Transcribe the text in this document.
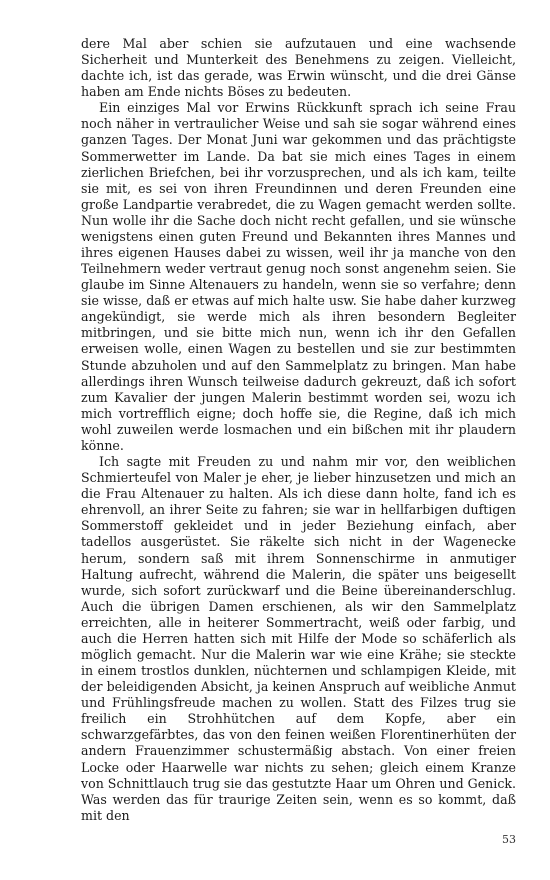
dere Mal aber schien sie aufzutauen und eine wachsende Sicherheit und Munterkeit des Benehmens zu zeigen. Vielleicht, dachte ich, ist das gerade, was Erwin wünscht, und die drei Gänse haben am Ende nichts Böses zu bedeuten.

Ein einziges Mal vor Erwins Rückkunft sprach ich seine Frau noch näher in vertraulicher Weise und sah sie sogar während eines ganzen Tages. Der Monat Juni war gekommen und das prächtigste Sommerwetter im Lande. Da bat sie mich eines Tages in einem zierlichen Briefchen, bei ihr vorzusprechen, und als ich kam, teilte sie mit, es sei von ihren Freundinnen und deren Freunden eine große Landpartie verabredet, die zu Wagen gemacht werden sollte. Nun wolle ihr die Sache doch nicht recht gefallen, und sie wünsche wenigstens einen guten Freund und Bekannten ihres Mannes und ihres eigenen Hauses dabei zu wissen, weil ihr ja manche von den Teilnehmern weder vertraut genug noch sonst angenehm seien. Sie glaube im Sinne Altenauers zu handeln, wenn sie so verfahre; denn sie wisse, daß er etwas auf mich halte usw. Sie habe daher kurzweg angekündigt, sie werde mich als ihren besondern Begleiter mitbringen, und sie bitte mich nun, wenn ich ihr den Gefallen erweisen wolle, einen Wagen zu bestellen und sie zur bestimmten Stunde abzuholen und auf den Sammelplatz zu bringen. Man habe allerdings ihren Wunsch teilweise dadurch gekreuzt, daß ich sofort zum Kavalier der jungen Malerin bestimmt worden sei, wozu ich mich vortrefflich eigne; doch hoffe sie, die Regine, daß ich mich wohl zuweilen werde losmachen und ein bißchen mit ihr plaudern könne.

Ich sagte mit Freuden zu und nahm mir vor, den weiblichen Schmierteufel von Maler je eher, je lieber hinzusetzen und mich an die Frau Altenauer zu halten. Als ich diese dann holte, fand ich es ehrenvoll, an ihrer Seite zu fahren; sie war in hellfarbigen duftigen Sommerstoff gekleidet und in jeder Beziehung einfach, aber tadellos ausgerüstet. Sie räkelte sich nicht in der Wagenecke herum, sondern saß mit ihrem Sonnenschirme in anmutiger Haltung aufrecht, während die Malerin, die später uns beigesellt wurde, sich sofort zurückwarf und die Beine übereinanderschlug. Auch die übrigen Damen erschienen, als wir den Sammelplatz erreichten, alle in heiterer Sommertracht, weiß oder farbig, und auch die Herren hatten sich mit Hilfe der Mode so schäferlich als möglich gemacht. Nur die Malerin war wie eine Krähe; sie steckte in einem trostlos dunklen, nüchternen und schlampigen Kleide, mit der beleidigenden Absicht, ja keinen Anspruch auf weibliche Anmut und Frühlingsfreude machen zu wollen. Statt des Filzes trug sie freilich ein Strohhütchen auf dem Kopfe, aber ein schwarzgefärbtes, das von den feinen weißen Florentinerhüten der andern Frauenzimmer schustermäßig abstach. Von einer freien Locke oder Haarwelle war nichts zu sehen; gleich einem Kranze von Schnittlauch trug sie das gestutzte Haar um Ohren und Genick. Was werden das für traurige Zeiten sein, wenn es so kommt, daß mit den

53
